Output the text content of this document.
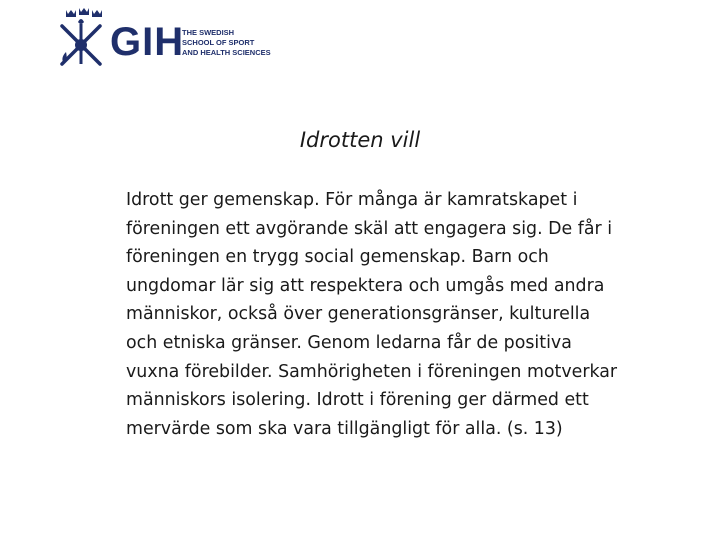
GIH
THE SWEDISH
SCHOOL OF SPORT
AND HEALTH SCIENCES
Idrotten vill
Idrott ger gemenskap. För många är kamratskapet i föreningen ett avgörande skäl att engagera sig. De får i föreningen en trygg social gemenskap. Barn och ungdomar lär sig att respektera och umgås med andra människor, också över generationsgränser, kulturella och etniska gränser. Genom ledarna får de positiva vuxna förebilder. Samhörigheten i föreningen motverkar människors isolering. Idrott i förening ger därmed ett mervärde som ska vara tillgängligt för alla. (s. 13)
